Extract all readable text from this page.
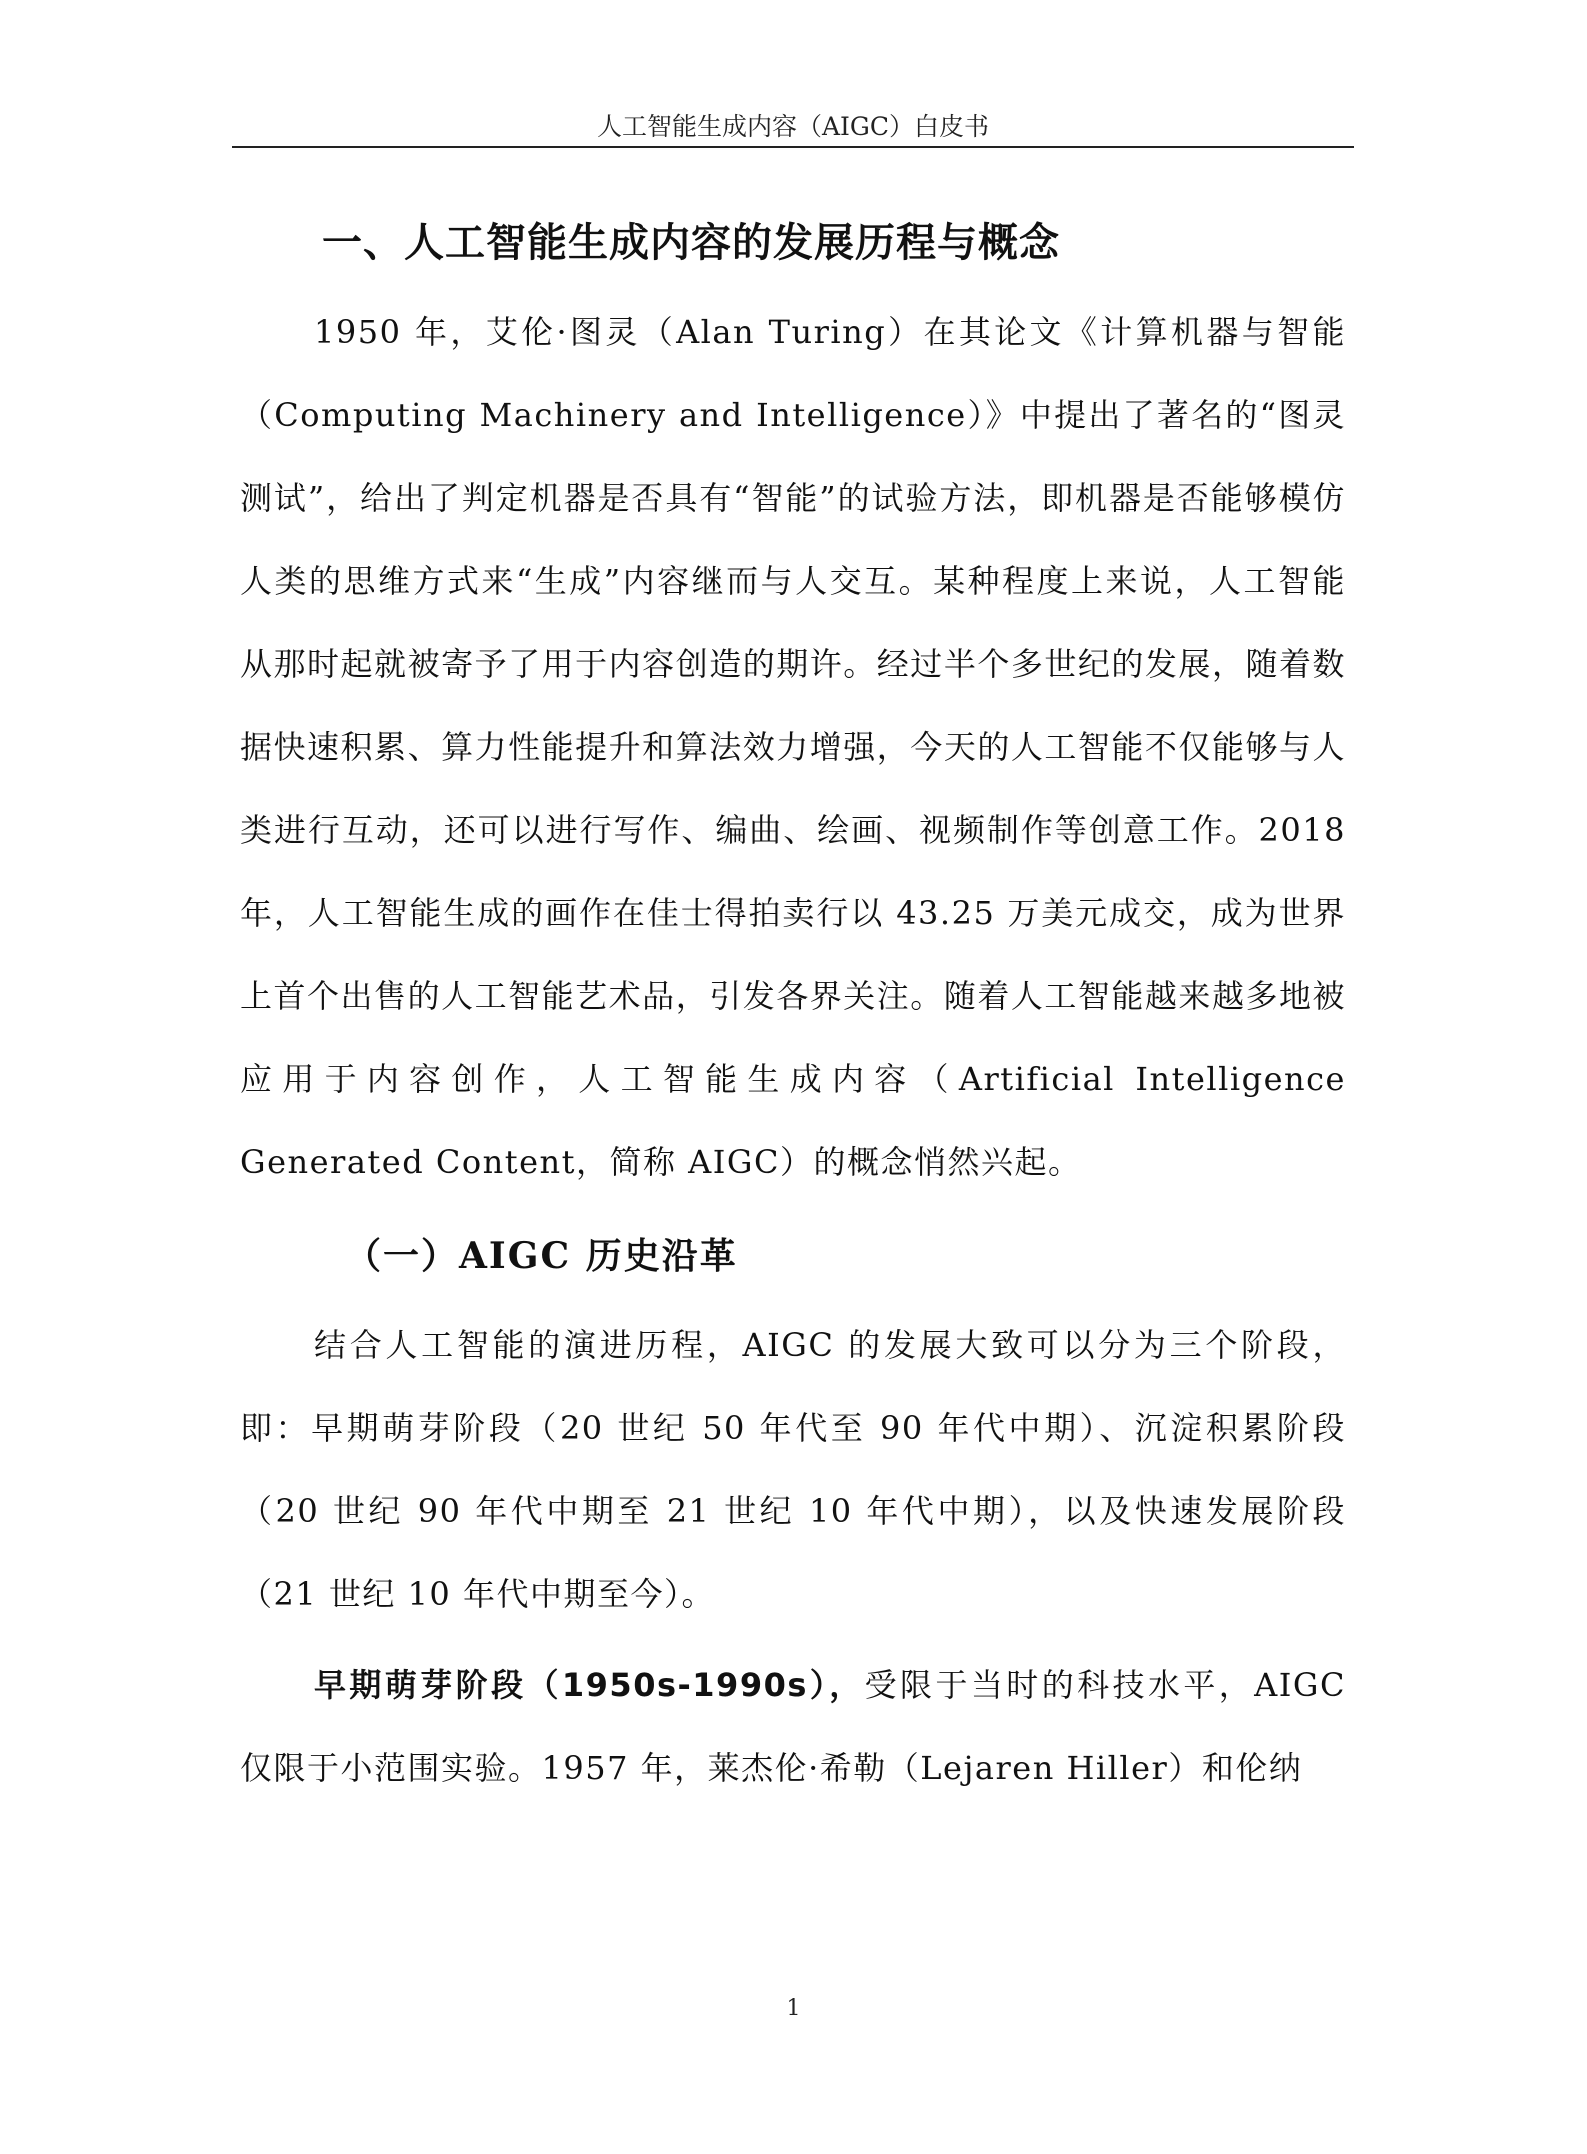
人工智能生成内容（AIGC）白皮书
一、人工智能生成内容的发展历程与概念

1950 年，艾伦·图灵（Alan Turing）在其论文《计算机器与智能（Computing Machinery and Intelligence）》中提出了著名的“图灵测试”，给出了判定机器是否具有“智能”的试验方法，即机器是否能够模仿人类的思维方式来“生成”内容继而与人交互。某种程度上来说，人工智能从那时起就被寄予了用于内容创造的期许。经过半个多世纪的发展，随着数据快速积累、算力性能提升和算法效力增强，今天的人工智能不仅能够与人类进行互动，还可以进行写作、编曲、绘画、视频制作等创意工作。2018 年，人工智能生成的画作在佳士得拍卖行以 43.25 万美元成交，成为世界上首个出售的人工智能艺术品，引发各界关注。随着人工智能越来越多地被应用于内容创作，人工智能生成内容（Artificial Intelligence Generated Content，简称 AIGC）的概念悄然兴起。

（一）AIGC 历史沿革

结合人工智能的演进历程，AIGC 的发展大致可以分为三个阶段，即：早期萌芽阶段（20 世纪 50 年代至 90 年代中期）、沉淀积累阶段（20 世纪 90 年代中期至 21 世纪 10 年代中期），以及快速发展阶段（21 世纪 10 年代中期至今）。

早期萌芽阶段（1950s-1990s），受限于当时的科技水平，AIGC 仅限于小范围实验。1957 年，莱杰伦·希勒（Lejaren Hiller）和伦纳

1
